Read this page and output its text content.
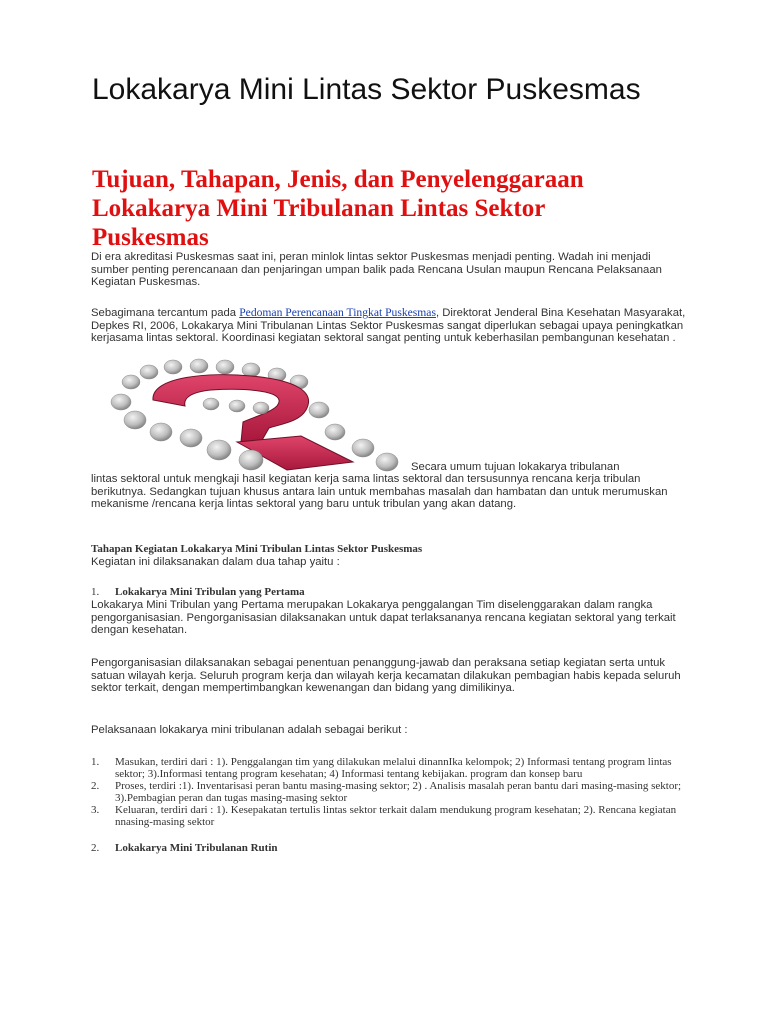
Lokakarya Mini Lintas Sektor Puskesmas
Tujuan, Tahapan, Jenis, dan Penyelenggaraan Lokakarya Mini Tribulanan Lintas Sektor Puskesmas

Di era akreditasi Puskesmas saat ini, peran minlok lintas sektor Puskesmas menjadi penting. Wadah ini menjadi sumber penting perencanaan dan penjaringan umpan balik pada Rencana Usulan maupun Rencana Pelaksanaan Kegiatan Puskesmas.

Sebagimana tercantum pada Pedoman Perencanaan Tingkat Puskesmas, Direktorat Jenderal Bina Kesehatan Masyarakat, Depkes RI, 2006, Lokakarya Mini Tribulanan Lintas Sektor Puskesmas sangat diperlukan sebagai upaya peningkatkan kerjasama lintas sektoral. Koordinasi kegiatan sektoral sangat penting untuk keberhasilan pembangunan kesehatan .

Secara umum tujuan lokakarya tribulanan

lintas sektoral untuk mengkaji hasil kegiatan kerja sama lintas sektoral dan tersusunnya rencana kerja tribulan berikutnya. Sedangkan tujuan khusus antara lain untuk membahas masalah dan hambatan dan untuk merumuskan mekanisme /rencana kerja lintas sektoral yang baru untuk tribulan yang akan datang.

Tahapan Kegiatan Lokakarya Mini Tribulan Lintas Sektor Puskesmas

Kegiatan ini dilaksanakan dalam dua tahap yaitu :

1.	Lokakarya Mini Tribulan yang Pertama

Lokakarya Mini Tribulan yang Pertama merupakan Lokakarya penggalangan Tim diselenggarakan dalam rangka pengorganisasian. Pengorganisasian dilaksanakan untuk dapat terlaksananya rencana kegiatan sektoral yang terkait dengan kesehatan.

Pengorganisasian dilaksanakan sebagai penentuan penanggung-jawab dan peraksana setiap kegiatan serta untuk satuan wilayah kerja. Seluruh program kerja dan wilayah kerja kecamatan dilakukan pembagian habis kepada seluruh sektor terkait, dengan mempertimbangkan kewenangan dan bidang yang dimilikinya.

Pelaksanaan lokakarya mini tribulanan adalah sebagai berikut :

1.	Masukan, terdiri dari : 1). Penggalangan tim yang dilakukan melalui dinannIka kelompok; 2) Informasi tentang program lintas sektor; 3).Informasi tentang program kesehatan; 4) Informasi tentang kebijakan. program dan konsep baru
2.	Proses, terdiri :1). Inventarisasi peran bantu masing-masing sektor; 2) . Analisis masalah peran bantu dari masing-masing sektor; 3).Pembagian peran dan tugas masing-masing sektor
3.	Keluaran, terdiri dari : 1). Kesepakatan tertulis lintas sektor terkait dalam mendukung program kesehatan; 2). Rencana kegiatan nnasing-masing sektor
2.	Lokakarya Mini Tribulanan Rutin
